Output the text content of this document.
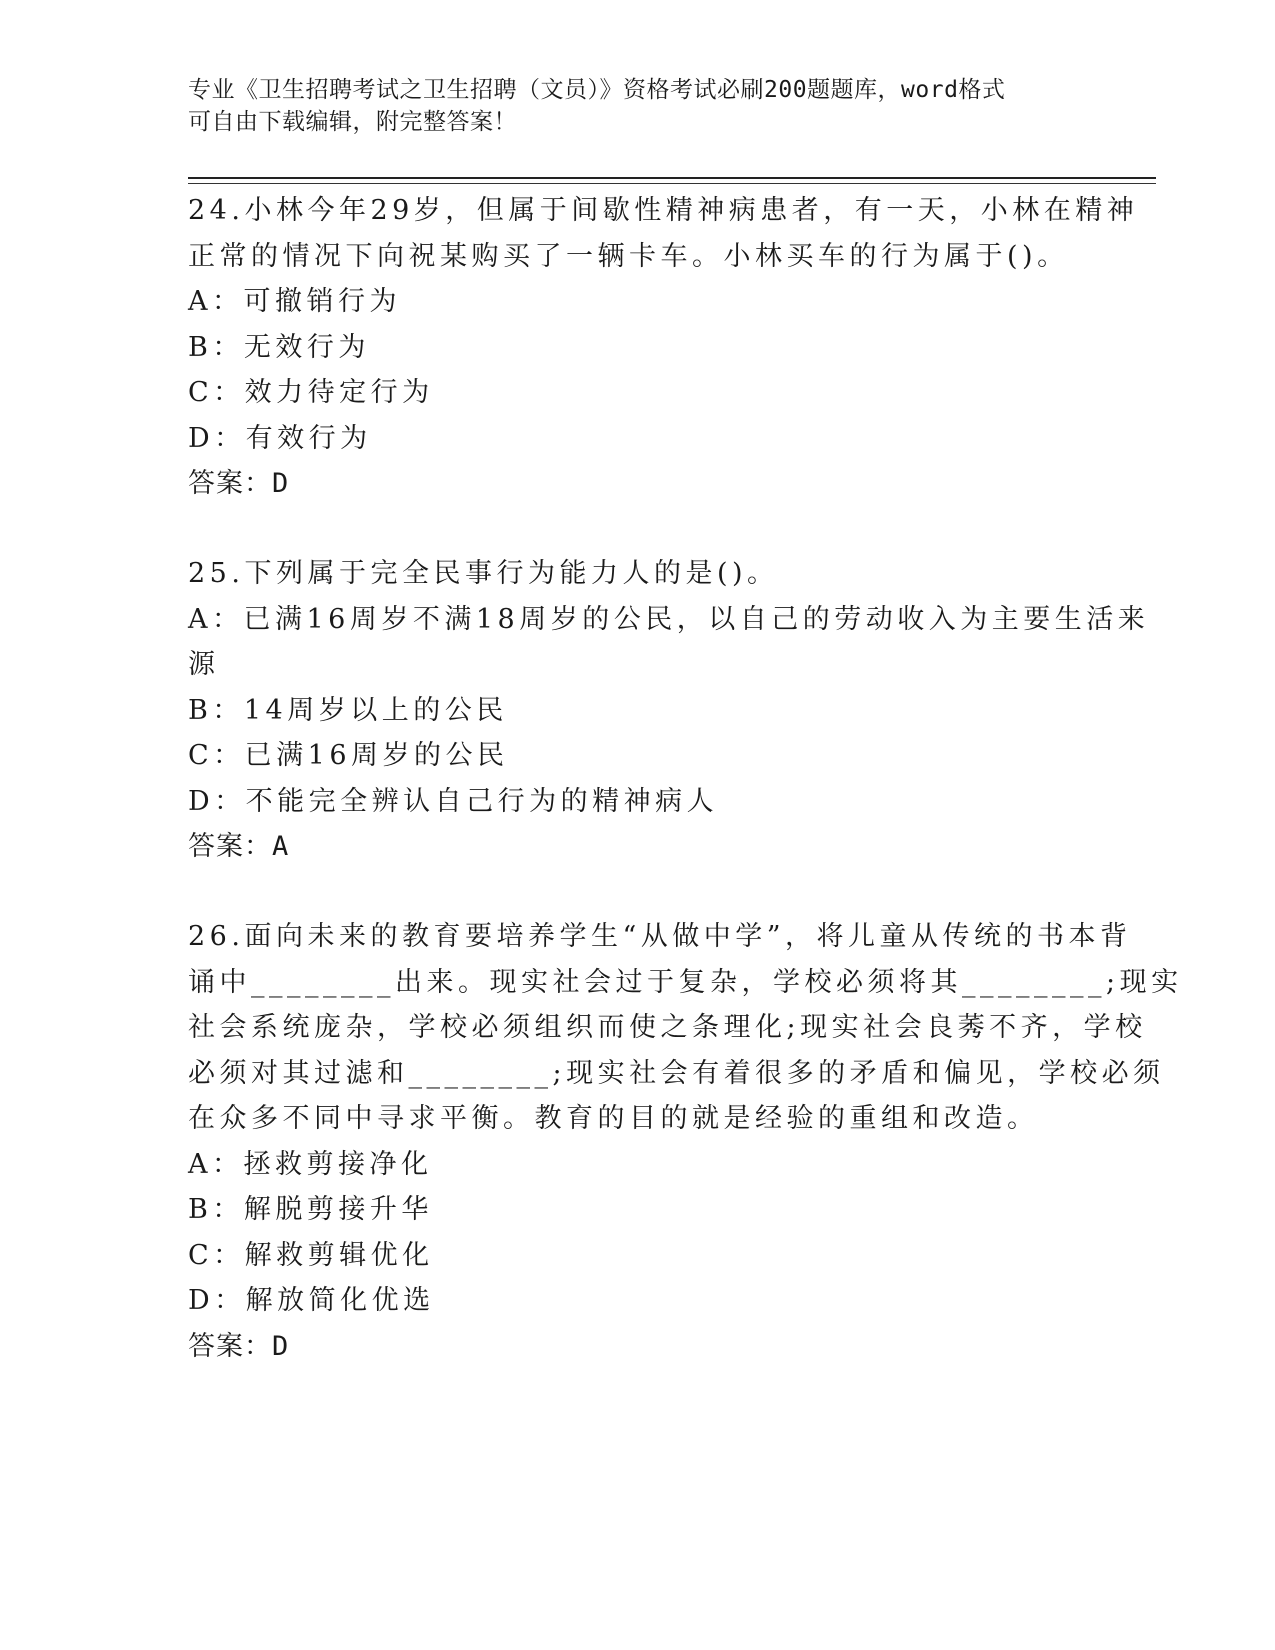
专业《卫生招聘考试之卫生招聘（文员）》资格考试必刷200题题库，word格式
可自由下载编辑，附完整答案！
24.小林今年29岁，但属于间歇性精神病患者，有一天，小林在精神
正常的情况下向祝某购买了一辆卡车。小林买车的行为属于()。
A：可撤销行为
B：无效行为
C：效力待定行为
D：有效行为
答案：D
25.下列属于完全民事行为能力人的是()。
A：已满16周岁不满18周岁的公民，以自己的劳动收入为主要生活来
源
B：14周岁以上的公民
C：已满16周岁的公民
D：不能完全辨认自己行为的精神病人
答案：A
26.面向未来的教育要培养学生“从做中学”，将儿童从传统的书本背
诵中________出来。现实社会过于复杂，学校必须将其________;现实
社会系统庞杂，学校必须组织而使之条理化;现实社会良莠不齐，学校
必须对其过滤和________;现实社会有着很多的矛盾和偏见，学校必须
在众多不同中寻求平衡。教育的目的就是经验的重组和改造。
A：拯救剪接净化
B：解脱剪接升华
C：解救剪辑优化
D：解放简化优选
答案：D
